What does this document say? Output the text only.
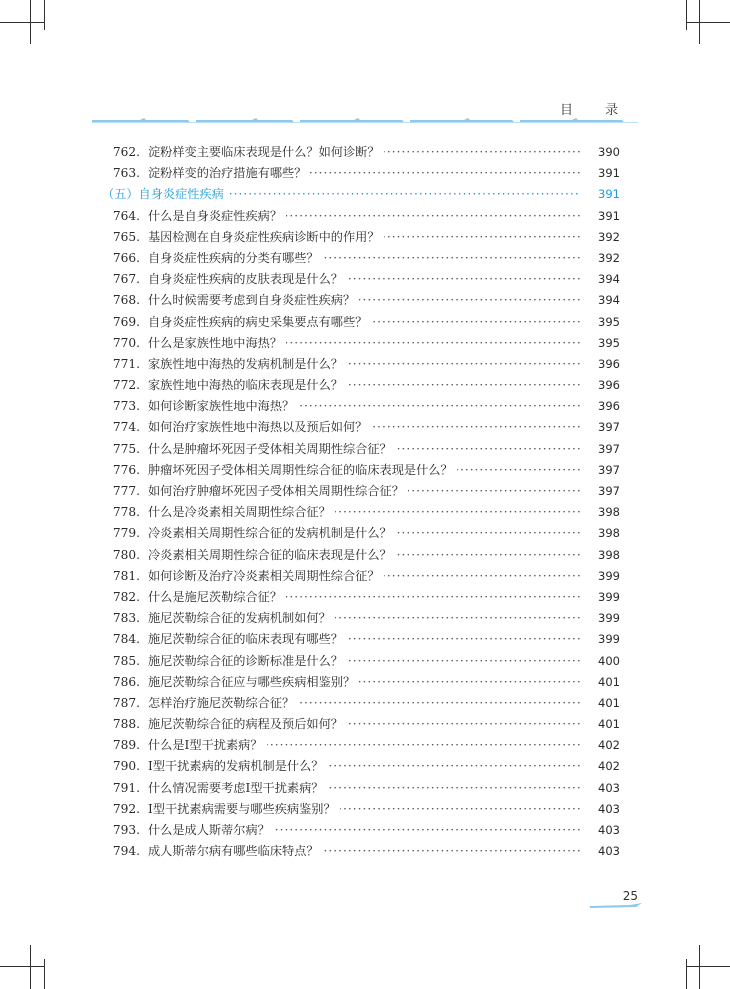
目 录
762. 淀粉样变主要临床表现是什么？如何诊断？ ·····	390
763. 淀粉样变的治疗措施有哪些？ ·····	391
（五）自身炎症性疾病 ·····	391
764. 什么是自身炎症性疾病？ ·····	391
765. 基因检测在自身炎症性疾病诊断中的作用？ ·····	392
766. 自身炎症性疾病的分类有哪些？ ·····	392
767. 自身炎症性疾病的皮肤表现是什么？ ·····	394
768. 什么时候需要考虑到自身炎症性疾病？ ·····	394
769. 自身炎症性疾病的病史采集要点有哪些？ ·····	395
770. 什么是家族性地中海热？ ·····	395
771. 家族性地中海热的发病机制是什么？ ·····	396
772. 家族性地中海热的临床表现是什么？ ·····	396
773. 如何诊断家族性地中海热？ ·····	396
774. 如何治疗家族性地中海热以及预后如何？ ·····	397
775. 什么是肿瘤坏死因子受体相关周期性综合征？ ·····	397
776. 肿瘤坏死因子受体相关周期性综合征的临床表现是什么？ ·····	397
777. 如何治疗肿瘤坏死因子受体相关周期性综合征？ ·····	397
778. 什么是冷炎素相关周期性综合征？ ·····	398
779. 冷炎素相关周期性综合征的发病机制是什么？ ·····	398
780. 冷炎素相关周期性综合征的临床表现是什么？ ·····	398
781. 如何诊断及治疗冷炎素相关周期性综合征？ ·····	399
782. 什么是施尼茨勒综合征？ ·····	399
783. 施尼茨勒综合征的发病机制如何？ ·····	399
784. 施尼茨勒综合征的临床表现有哪些？ ·····	399
785. 施尼茨勒综合征的诊断标准是什么？ ·····	400
786. 施尼茨勒综合征应与哪些疾病相鉴别？ ·····	401
787. 怎样治疗施尼茨勒综合征？ ·····	401
788. 施尼茨勒综合征的病程及预后如何？ ·····	401
789. 什么是Ⅰ型干扰素病？ ·····	402
790. Ⅰ型干扰素病的发病机制是什么？ ·····	402
791. 什么情况需要考虑Ⅰ型干扰素病？ ·····	403
792. Ⅰ型干扰素病需要与哪些疾病鉴别？ ·····	403
793. 什么是成人斯蒂尔病？ ·····	403
794. 成人斯蒂尔病有哪些临床特点？ ·····	403
25
